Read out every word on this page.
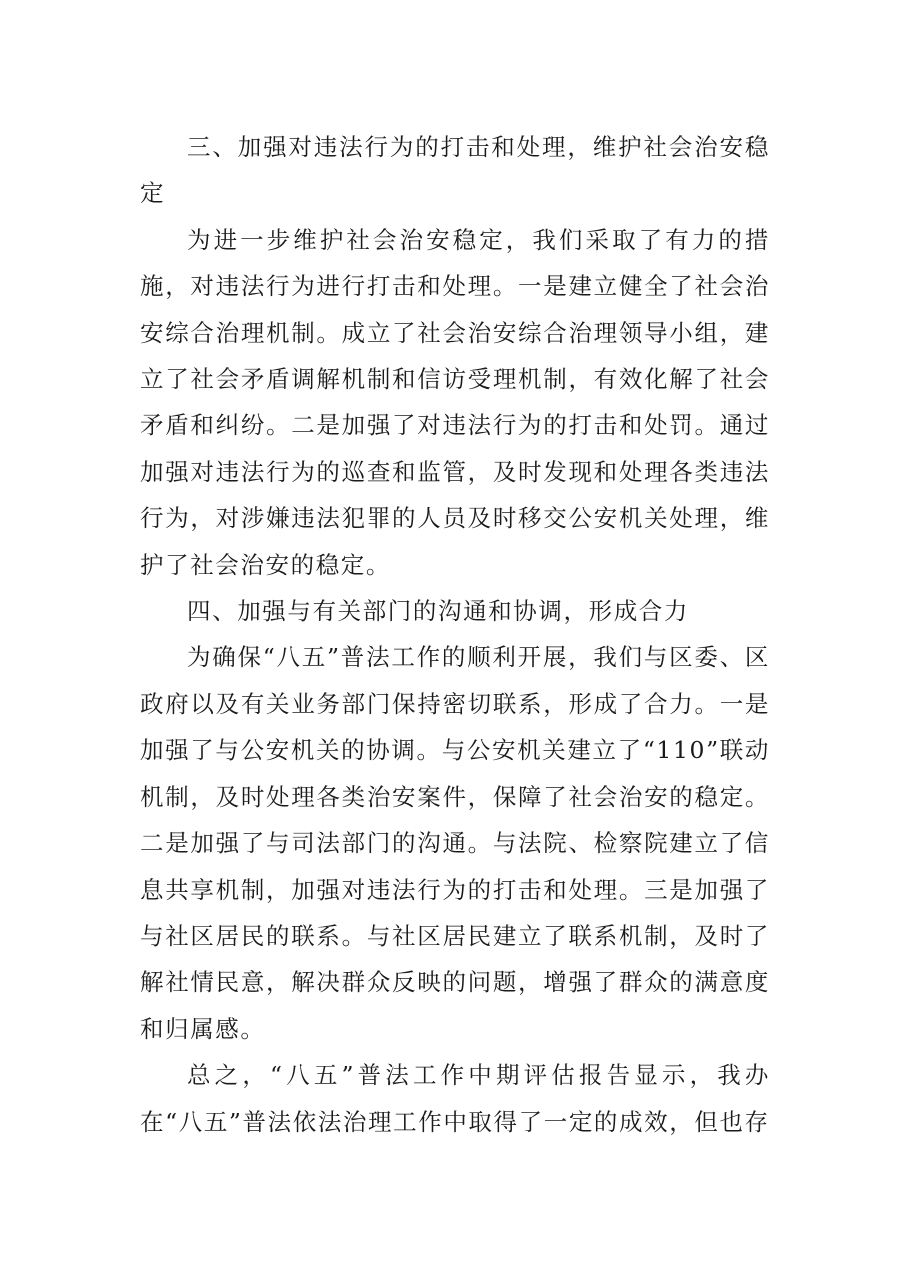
三、加强对违法行为的打击和处理，维护社会治安稳定

为进一步维护社会治安稳定，我们采取了有力的措施，对违法行为进行打击和处理。一是建立健全了社会治安综合治理机制。成立了社会治安综合治理领导小组，建立了社会矛盾调解机制和信访受理机制，有效化解了社会矛盾和纠纷。二是加强了对违法行为的打击和处罚。通过加强对违法行为的巡查和监管，及时发现和处理各类违法行为，对涉嫌违法犯罪的人员及时移交公安机关处理，维护了社会治安的稳定。

四、加强与有关部门的沟通和协调，形成合力

为确保“八五”普法工作的顺利开展，我们与区委、区政府以及有关业务部门保持密切联系，形成了合力。一是加强了与公安机关的协调。与公安机关建立了“110”联动机制，及时处理各类治安案件，保障了社会治安的稳定。二是加强了与司法部门的沟通。与法院、检察院建立了信息共享机制，加强对违法行为的打击和处理。三是加强了与社区居民的联系。与社区居民建立了联系机制，及时了解社情民意，解决群众反映的问题，增强了群众的满意度和归属感。

总之，“八五”普法工作中期评估报告显示，我办在“八五”普法依法治理工作中取得了一定的成效，但也存
